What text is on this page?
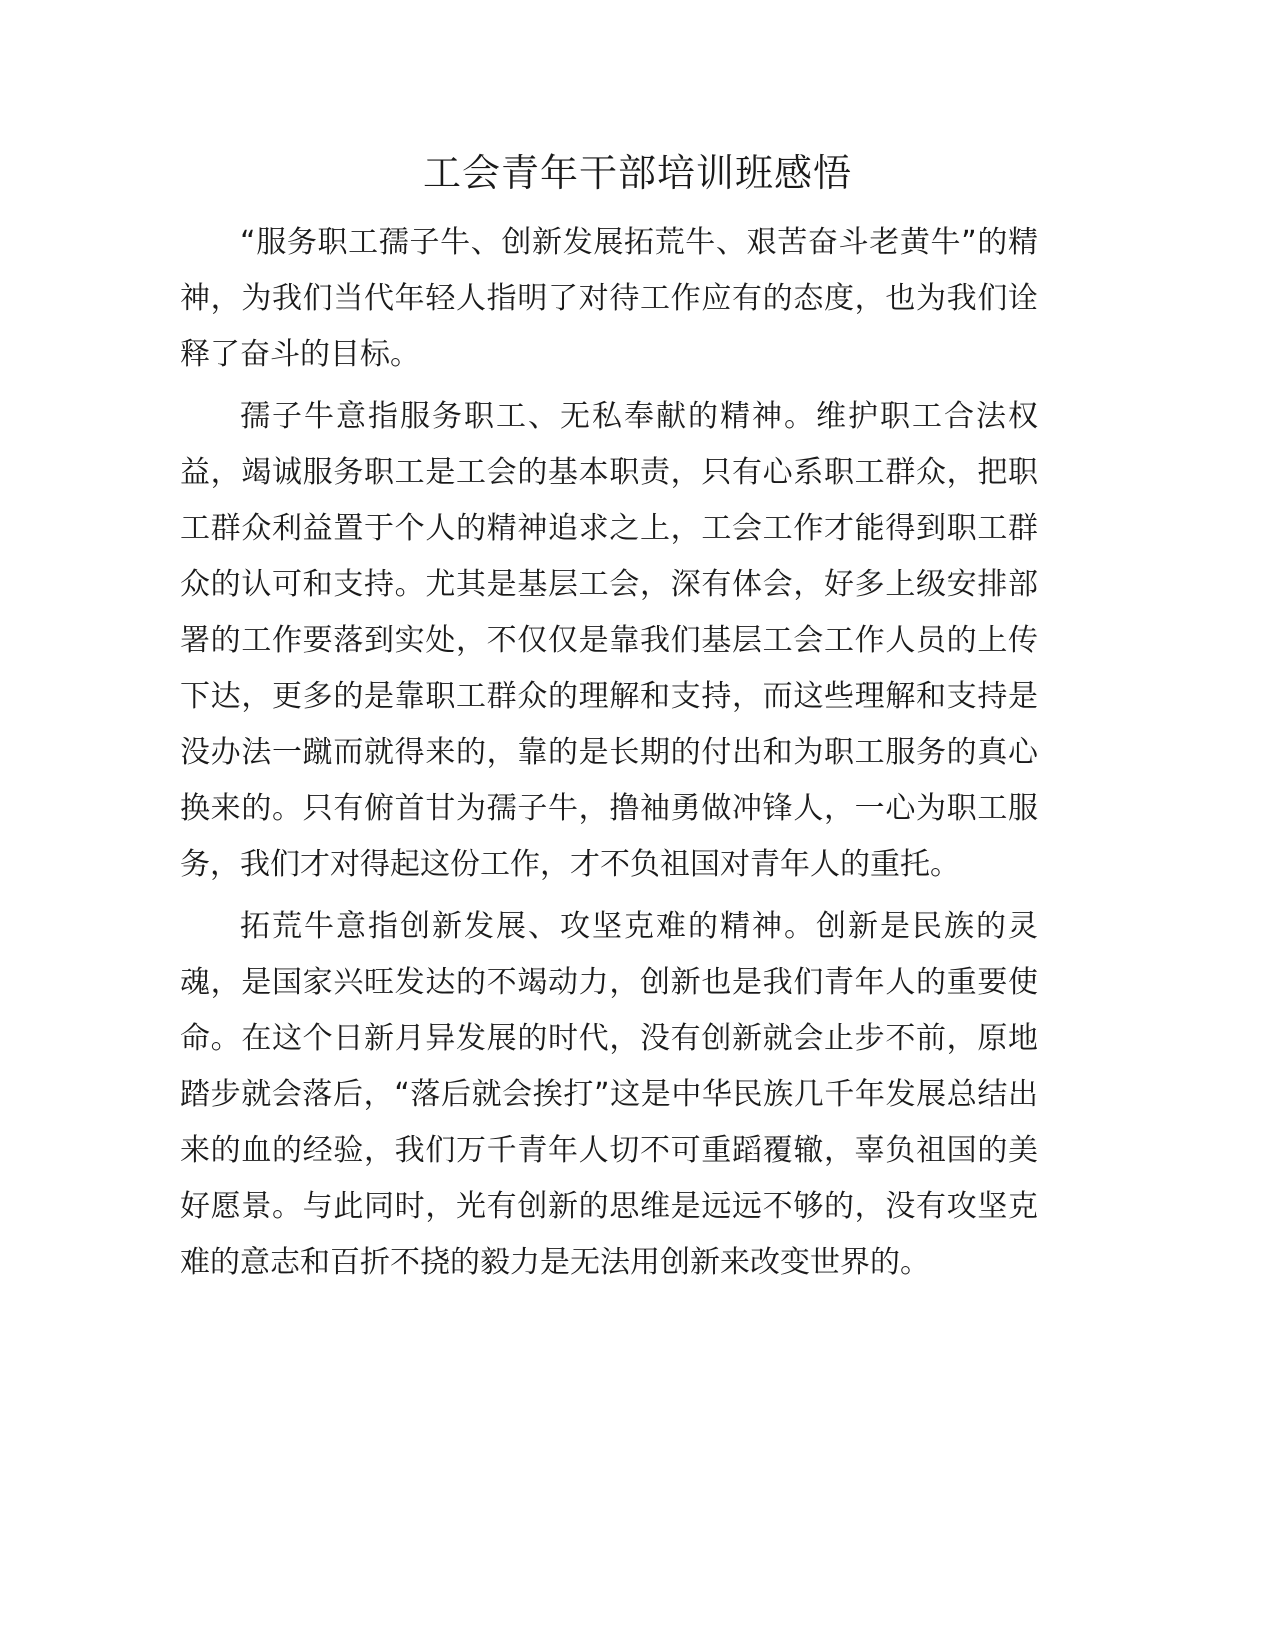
工会青年干部培训班感悟

“服务职工孺子牛、创新发展拓荒牛、艰苦奋斗老黄牛”的精神，为我们当代年轻人指明了对待工作应有的态度，也为我们诠释了奋斗的目标。

孺子牛意指服务职工、无私奉献的精神。维护职工合法权益，竭诚服务职工是工会的基本职责，只有心系职工群众，把职工群众利益置于个人的精神追求之上，工会工作才能得到职工群众的认可和支持。尤其是基层工会，深有体会，好多上级安排部署的工作要落到实处，不仅仅是靠我们基层工会工作人员的上传下达，更多的是靠职工群众的理解和支持，而这些理解和支持是没办法一蹴而就得来的，靠的是长期的付出和为职工服务的真心换来的。只有俯首甘为孺子牛，撸袖勇做冲锋人，一心为职工服务，我们才对得起这份工作，才不负祖国对青年人的重托。

拓荒牛意指创新发展、攻坚克难的精神。创新是民族的灵魂，是国家兴旺发达的不竭动力，创新也是我们青年人的重要使命。在这个日新月异发展的时代，没有创新就会止步不前，原地踏步就会落后，“落后就会挨打”这是中华民族几千年发展总结出来的血的经验，我们万千青年人切不可重蹈覆辙，辜负祖国的美好愿景。与此同时，光有创新的思维是远远不够的，没有攻坚克难的意志和百折不挠的毅力是无法用创新来改变世界的。
